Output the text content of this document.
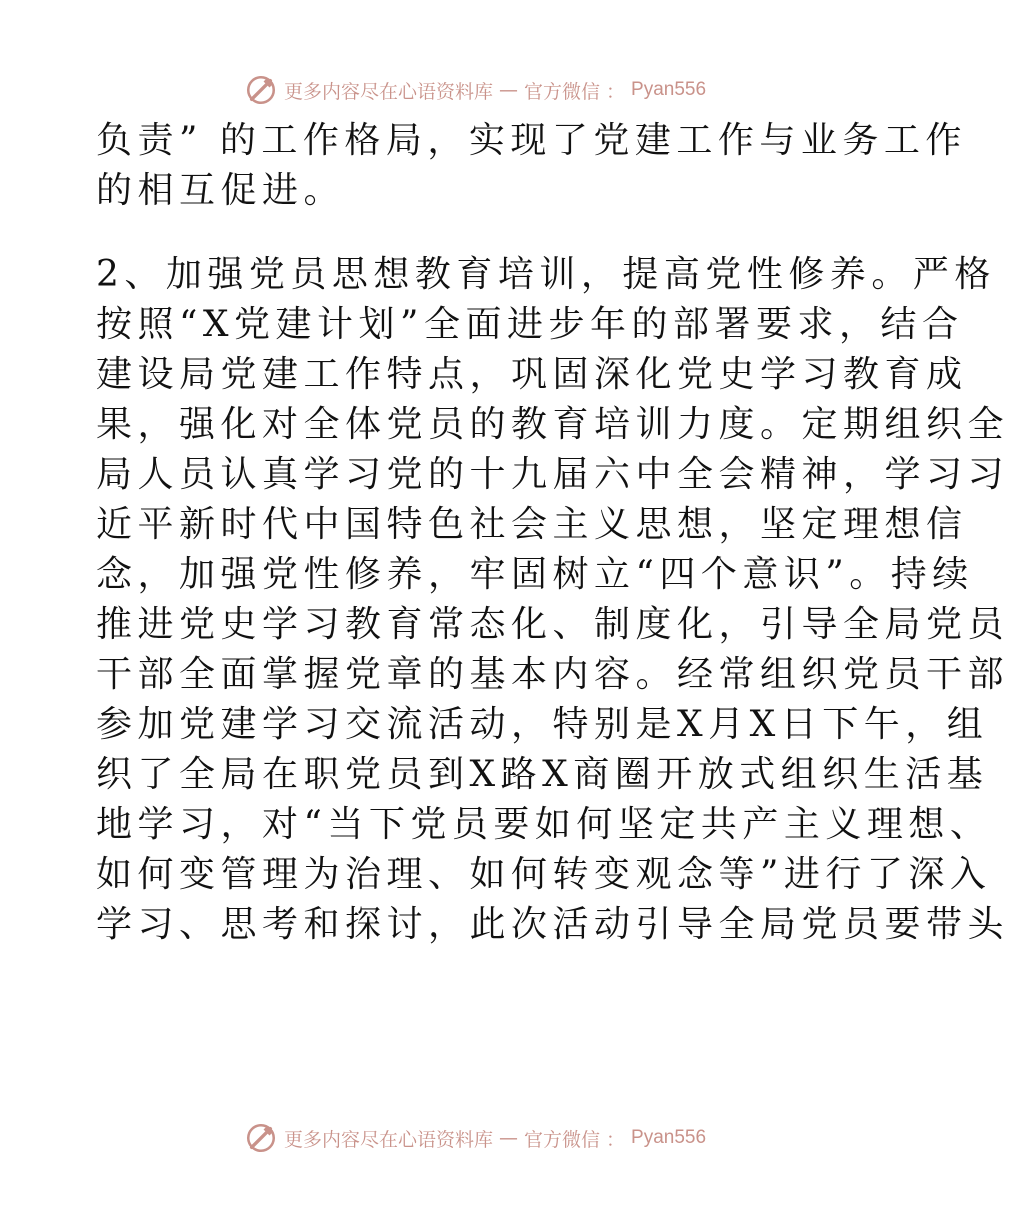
更多内容尽在心语资料库 — 官方微信 ： Pyan556
负责” 的工作格局，实现了党建工作与业务工作
的相互促进。
2、加强党员思想教育培训，提高党性修养。严格
按照“X党建计划”全面进步年的部署要求，结合
建设局党建工作特点，巩固深化党史学习教育成
果，强化对全体党员的教育培训力度。定期组织全
局人员认真学习党的十九届六中全会精神，学习习
近平新时代中国特色社会主义思想，坚定理想信
念，加强党性修养，牢固树立“四个意识”。持续
推进党史学习教育常态化、制度化，引导全局党员
干部全面掌握党章的基本内容。经常组织党员干部
参加党建学习交流活动，特别是X月X日下午，组
织了全局在职党员到X路X商圈开放式组织生活基
地学习，对“当下党员要如何坚定共产主义理想、
如何变管理为治理、如何转变观念等”进行了深入
学习、思考和探讨，此次活动引导全局党员要带头
更多内容尽在心语资料库 — 官方微信 ： Pyan556
